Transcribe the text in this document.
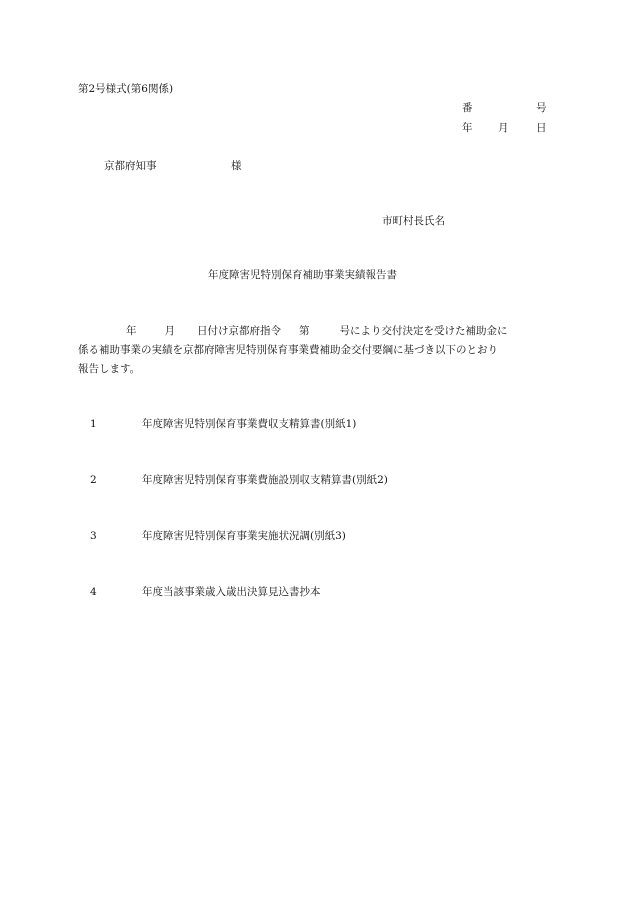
第2号様式(第6関係)
番	号
年 月	日
京都府知事	様
市町村長氏名
年度障害児特別保育補助事業実績報告書
年	月 日付け京都府指令 第	号により交付決定を受けた補助金に
係る補助事業の実績を京都府障害児特別保育事業費補助金交付要綱に基づき以下のとおり
報告します。
1	年度障害児特別保育事業費収支精算書(別紙1)
2	年度障害児特別保育事業費施設別収支精算書(別紙2)
3	年度障害児特別保育事業実施状況調(別紙3)
4	年度当該事業歳入歳出決算見込書抄本
